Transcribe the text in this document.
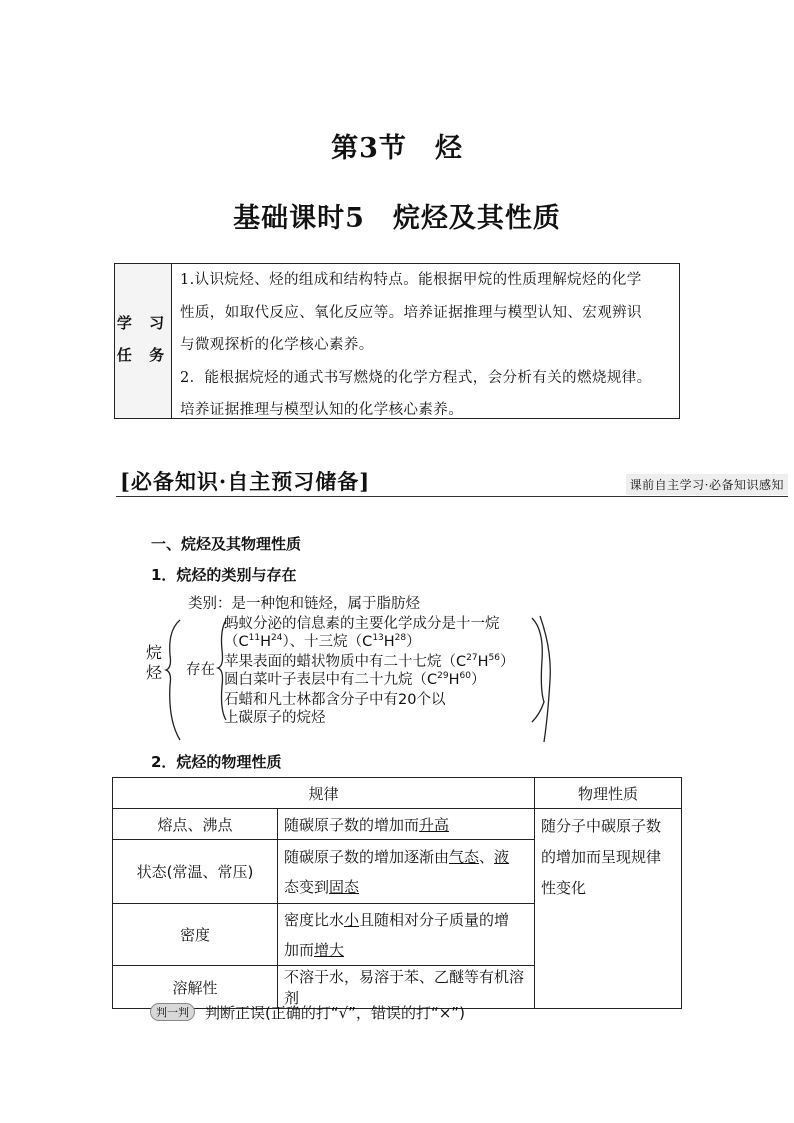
第3节　烃
基础课时5　烷烃及其性质
学 习
任 务

1.认识烷烃、烃的组成和结构特点。能根据甲烷的性质理解烷烃的化学

性质，如取代反应、氧化反应等。培养证据推理与模型认知、宏观辨识

与微观探析的化学核心素养。

2．能根据烷烃的通式书写燃烧的化学方程式，会分析有关的燃烧规律。

培养证据推理与模型认知的化学核心素养。

[必备知识·自主预习储备]	课前自主学习·必备知识感知
一、烷烃及其物理性质
1．烷烃的类别与存在
类别：是一种饱和链烃，属于脂肪烃
烷
烃 存在
蚂蚁分泌的信息素的主要化学成分是十一烷
$(C^{11}H^{24})$、十三烷$(C^{13}H^{28})$
苹果表面的蜡状物质中有二十七烷$(C^{27}H^{56})$
圆白菜叶子表层中有二十九烷$(C^{29}H^{60})$
石蜡和凡士林都含分子中有20个以
上碳原子的烷烃
2．烷烃的物理性质
规律		物理性质
熔点、沸点	随碳原子数的增加而升高	随分子中碳原子数
的增加而呈现规律
性变化

状态(常温、常压)	随碳原子数的增加逐渐由气态、液
态变到固态	
密度	密度比水小且随相对分子质量的增
加而增大	
溶解性	不溶于水，易溶于苯、乙醚等有机溶剂	
判一判 判断正误(正确的打“√”，错误的打“×”)
